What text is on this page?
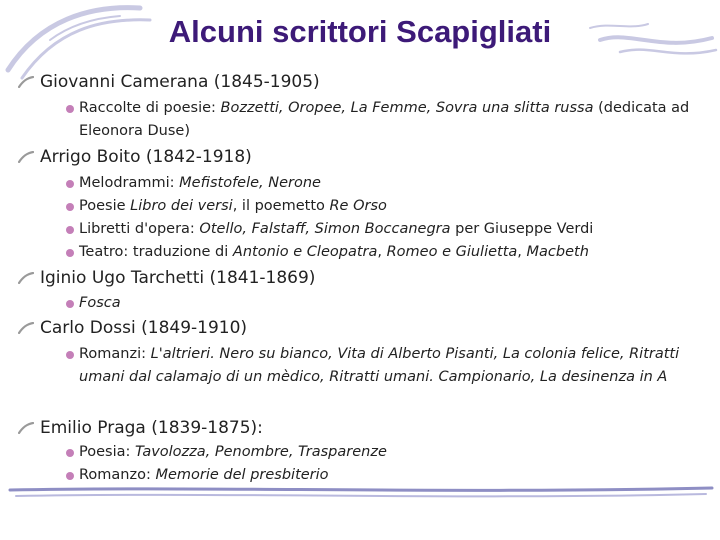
Alcuni scrittori Scapigliati
Giovanni Camerana (1845-1905)
Raccolte di poesie: Bozzetti, Oropee, La Femme, Sovra una slitta russa (dedicata ad Eleonora Duse)
Arrigo Boito (1842-1918)
Melodrammi: Mefistofele, Nerone
Poesie Libro dei versi, il poemetto Re Orso
Libretti d'opera: Otello, Falstaff, Simon Boccanegra per Giuseppe Verdi
Teatro: traduzione di Antonio e Cleopatra, Romeo e Giulietta, Macbeth
Iginio Ugo Tarchetti (1841-1869)
Fosca
Carlo Dossi (1849-1910)
Romanzi: L'altrieri. Nero su bianco, Vita di Alberto Pisanti, La colonia felice, Ritratti umani dal calamajo di un mèdico, Ritratti umani. Campionario, La desinenza in A
Emilio Praga (1839-1875):
Poesia: Tavolozza, Penombre, Trasparenze
Romanzo: Memorie del presbiterio
